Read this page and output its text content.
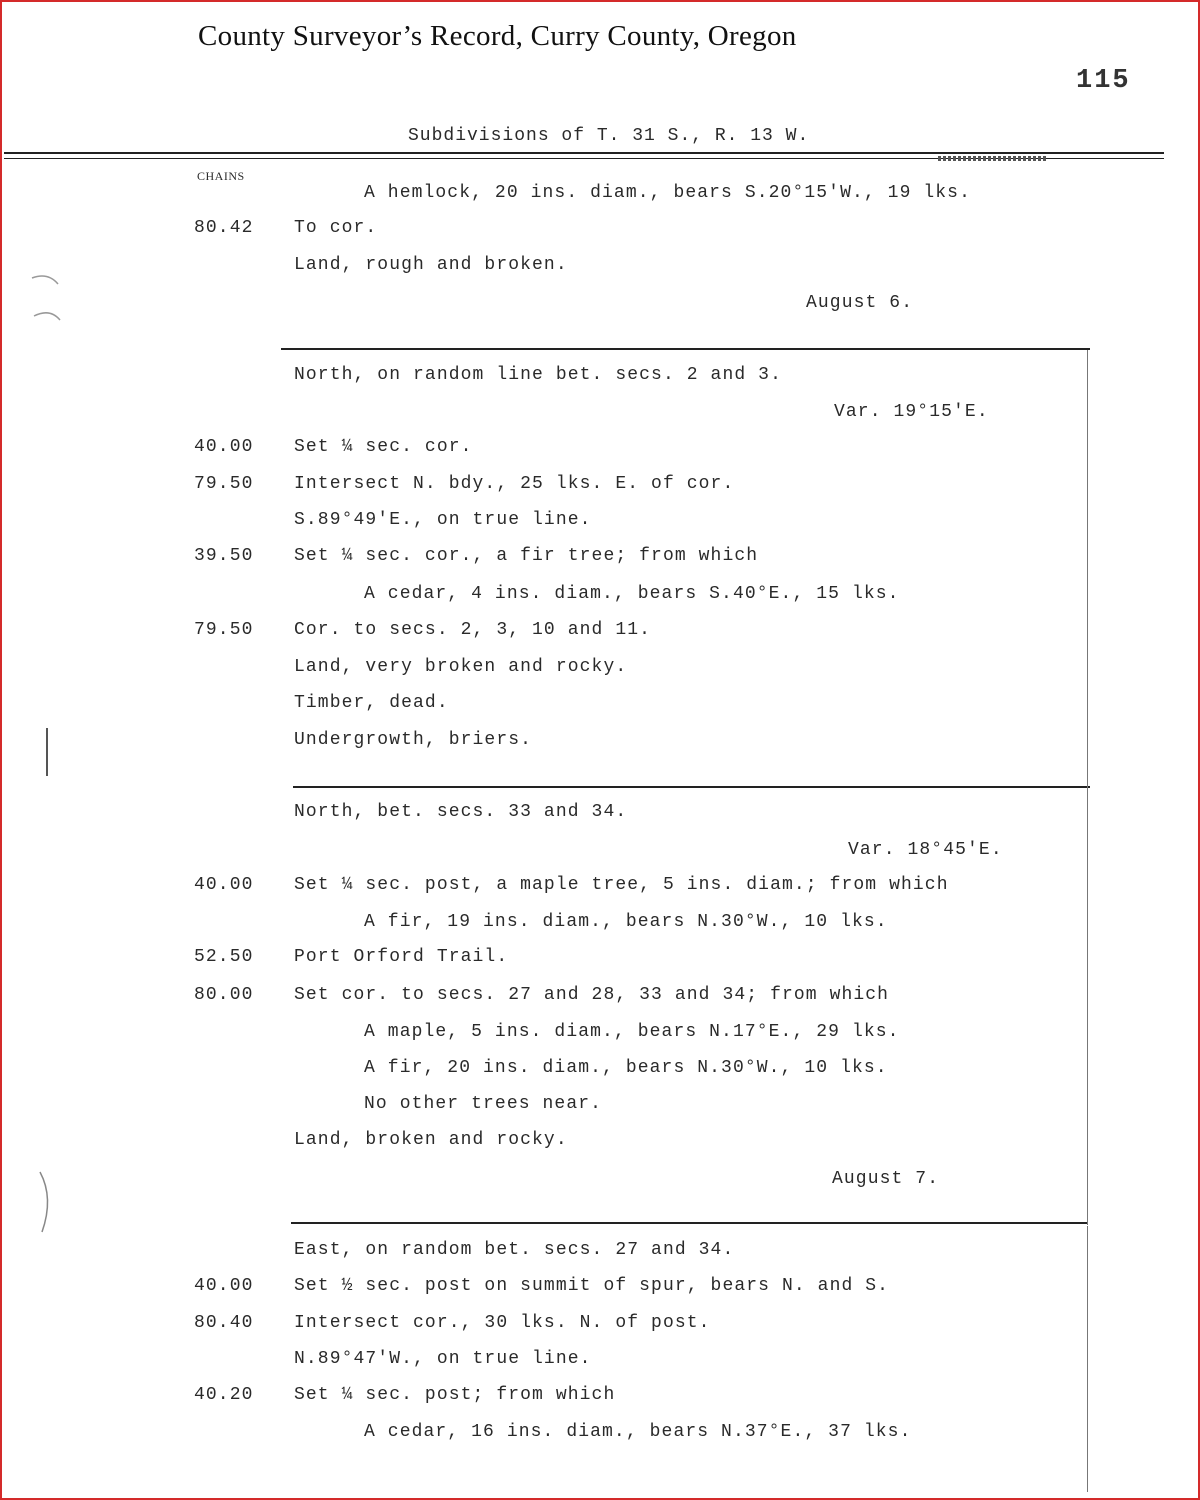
County Surveyor’s Record, Curry County, Oregon
115
Subdivisions of T. 31 S., R. 13 W.
CHAINS
A hemlock, 20 ins. diam., bears S.20°15'W., 19 lks.
80.42 To cor.
Land, rough and broken.
August 6.
North, on random line bet. secs. 2 and 3.
Var. 19°15'E.
40.00 Set ¼ sec. cor.
79.50 Intersect N. bdy., 25 lks. E. of cor.
S.89°49'E., on true line.
39.50 Set ¼ sec. cor., a fir tree; from which
A cedar, 4 ins. diam., bears S.40°E., 15 lks.
79.50 Cor. to secs. 2, 3, 10 and 11.
Land, very broken and rocky.
Timber, dead.
Undergrowth, briers.
North, bet. secs. 33 and 34.
Var. 18°45'E.
40.00 Set ¼ sec. post, a maple tree, 5 ins. diam.; from which
A fir, 19 ins. diam., bears N.30°W., 10 lks.
52.50 Port Orford Trail.
80.00 Set cor. to secs. 27 and 28, 33 and 34; from which
A maple, 5 ins. diam., bears N.17°E., 29 lks.
A fir, 20 ins. diam., bears N.30°W., 10 lks.
No other trees near.
Land, broken and rocky.
August 7.
East, on random bet. secs. 27 and 34.
40.00 Set ½ sec. post on summit of spur, bears N. and S.
80.40 Intersect cor., 30 lks. N. of post.
N.89°47'W., on true line.
40.20 Set ¼ sec. post; from which
A cedar, 16 ins. diam., bears N.37°E., 37 lks.
